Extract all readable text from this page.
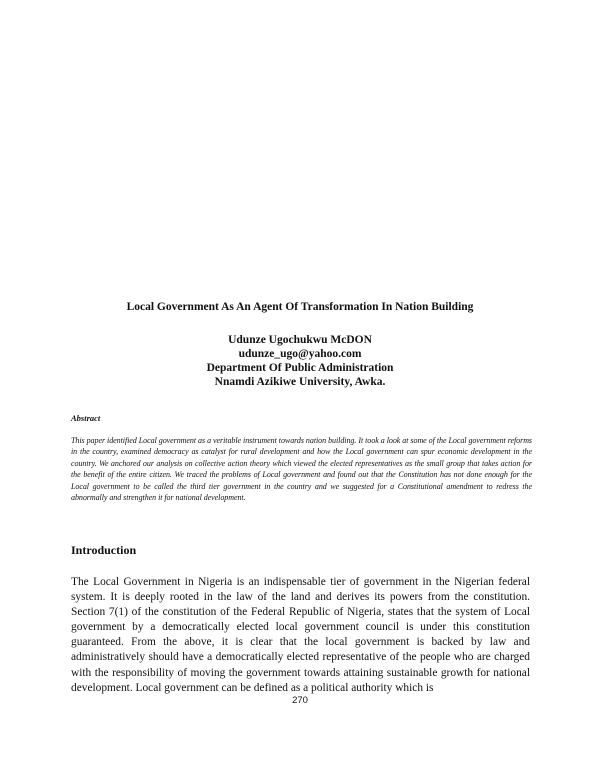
Local Government As An Agent Of Transformation In Nation Building
Udunze Ugochukwu McDON
udunze_ugo@yahoo.com
Department Of Public Administration
Nnamdi Azikiwe University, Awka.
Abstract
This paper identified Local government as a veritable instrument towards nation building. It took a look at some of the Local government reforms in the country, examined democracy as catalyst for rural development and how the Local government can spur economic development in the country. We anchored our analysis on collective action theory which viewed the elected representatives as the small group that takes action for the benefit of the entire citizen. We traced the problems of Local government and found out that the Constitution has not done enough for the Local government to be called the third tier government in the country and we suggested for a Constitutional amendment to redress the abnormally and strengthen it for national development.
Introduction
The Local Government in Nigeria is an indispensable tier of government in the Nigerian federal system. It is deeply rooted in the law of the land and derives its powers from the constitution. Section 7(1) of the constitution of the Federal Republic of Nigeria, states that the system of Local government by a democratically elected local government council is under this constitution guaranteed. From the above, it is clear that the local government is backed by law and administratively should have a democratically elected representative of the people who are charged with the responsibility of moving the government towards attaining sustainable growth for national development. Local government can be defined as a political authority which is
270
